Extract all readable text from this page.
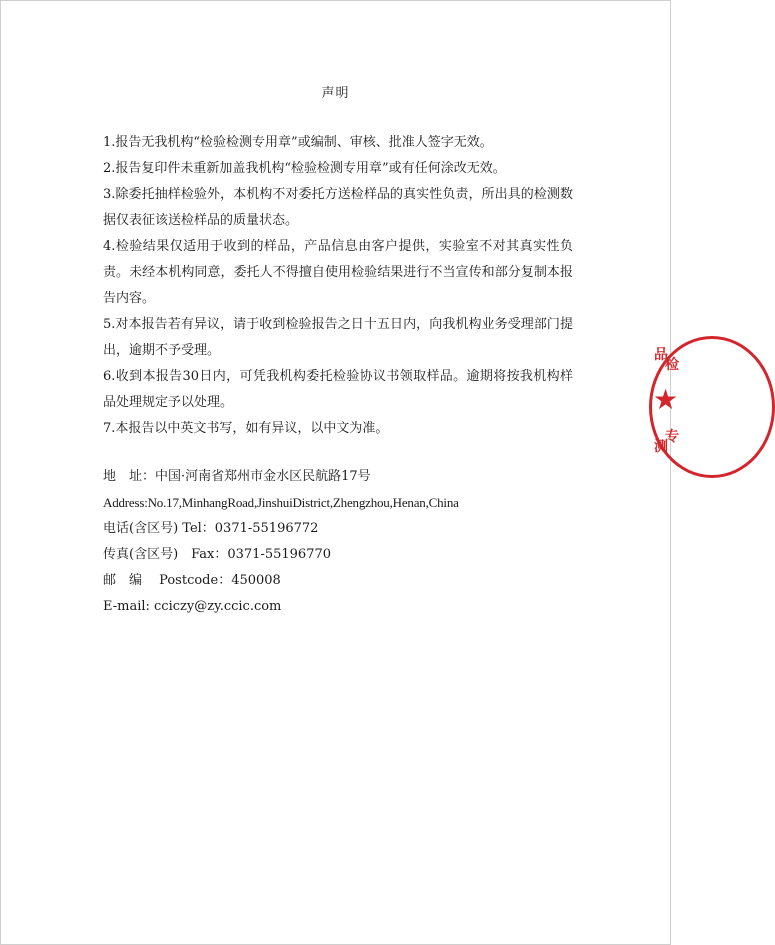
声明

1.报告无我机构“检验检测专用章”或编制、审核、批准人签字无效。

2.报告复印件未重新加盖我机构“检验检测专用章”或有任何涂改无效。

3.除委托抽样检验外，本机构不对委托方送检样品的真实性负责，所出具的检测数据仅表征该送检样品的质量状态。

4.检验结果仅适用于收到的样品，产品信息由客户提供，实验室不对其真实性负责。未经本机构同意，委托人不得擅自使用检验结果进行不当宣传和部分复制本报告内容。

5.对本报告若有异议，请于收到检验报告之日十五日内，向我机构业务受理部门提出，逾期不予受理。

6.收到本报告30日内，可凭我机构委托检验协议书领取样品。逾期将按我机构样品处理规定予以处理。

7.本报告以中英文书写，如有异议，以中文为准。

地　址：中国·河南省郑州市金水区民航路17号
Address:No.17,MinhangRoad,JinshuiDistrict,Zhengzhou,Henan,China
电话(含区号) Tel：0371-55196772
传真(含区号)　Fax：0371-55196770
邮　编　 Postcode：450008
E-mail: cciczy@zy.ccic.com
品
检
★
测
专
